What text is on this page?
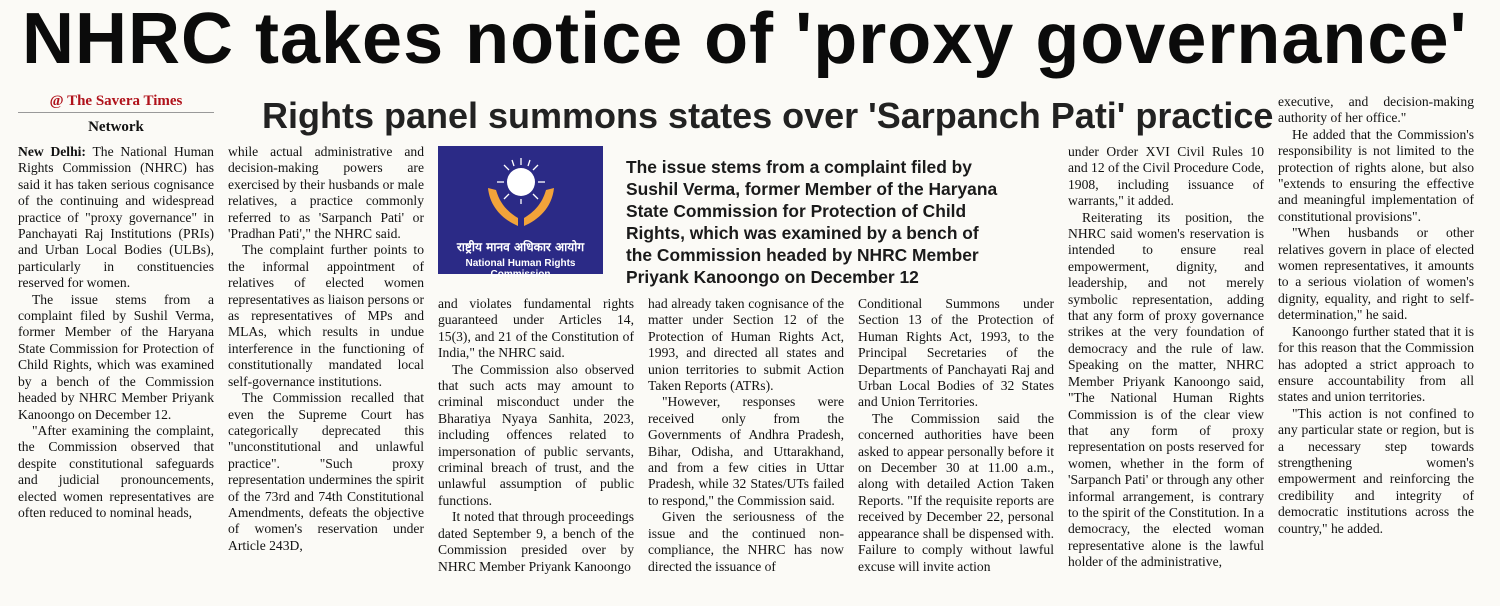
NHRC takes notice of 'proxy governance'
@ The Savera Times
Network	Rights panel summons states over 'Sarpanch Pati' practice

New Delhi: The National Human Rights Commission (NHRC) has said it has taken serious cognisance of the continuing and widespread practice of "proxy governance" in Panchayati Raj Institutions (PRIs) and Urban Local Bodies (ULBs), particularly in constituencies reserved for women.

The issue stems from a complaint filed by Sushil Verma, former Member of the Haryana State Commission for Protection of Child Rights, which was examined by a bench of the Commission headed by NHRC Member Priyank Kanoongo on December 12.

"After examining the complaint, the Commission observed that despite constitutional safeguards and judicial pronouncements, elected women representatives are often reduced to nominal heads,

while actual administrative and decision-making powers are exercised by their husbands or male relatives, a practice commonly referred to as 'Sarpanch Pati' or 'Pradhan Pati'," the NHRC said.

The complaint further points to the informal appointment of relatives of elected women representatives as liaison persons or as representatives of MPs and MLAs, which results in undue interference in the functioning of constitutionally mandated local self-governance institutions.

The Commission recalled that even the Supreme Court has categorically deprecated this "unconstitutional and unlawful practice". "Such proxy representation undermines the spirit of the 73rd and 74th Constitutional Amendments, defeats the objective of women's reservation under Article 243D,

राष्ट्रीय मानव अधिकार आयोग
National Human Rights Commission
The issue stems from a complaint filed by Sushil Verma, former Member of the Haryana State Commission for Protection of Child Rights, which was examined by a bench of the Commission headed by NHRC Member Priyank Kanoongo on December 12

and violates fundamental rights guaranteed under Articles 14, 15(3), and 21 of the Constitution of India," the NHRC said.

The Commission also observed that such acts may amount to criminal misconduct under the Bharatiya Nyaya Sanhita, 2023, including offences related to impersonation of public servants, criminal breach of trust, and the unlawful assumption of public functions.

It noted that through proceedings dated September 9, a bench of the Commission presided over by NHRC Member Priyank Kanoongo

had already taken cognisance of the matter under Section 12 of the Protection of Human Rights Act, 1993, and directed all states and union territories to submit Action Taken Reports (ATRs).

"However, responses were received only from the Governments of Andhra Pradesh, Bihar, Odisha, and Uttarakhand, and from a few cities in Uttar Pradesh, while 32 States/UTs failed to respond," the Commission said.

Given the seriousness of the issue and the continued non-compliance, the NHRC has now directed the issuance of

Conditional Summons under Section 13 of the Protection of Human Rights Act, 1993, to the Principal Secretaries of the Departments of Panchayati Raj and Urban Local Bodies of 32 States and Union Territories.

The Commission said the concerned authorities have been asked to appear personally before it on December 30 at 11.00 a.m., along with detailed Action Taken Reports. "If the requisite reports are received by December 22, personal appearance shall be dispensed with. Failure to comply without lawful excuse will invite action

under Order XVI Civil Rules 10 and 12 of the Civil Procedure Code, 1908, including issuance of warrants," it added.

Reiterating its position, the NHRC said women's reservation is intended to ensure real empowerment, dignity, and leadership, and not merely symbolic representation, adding that any form of proxy governance strikes at the very foundation of democracy and the rule of law. Speaking on the matter, NHRC Member Priyank Kanoongo said, "The National Human Rights Commission is of the clear view that any form of proxy representation on posts reserved for women, whether in the form of 'Sarpanch Pati' or through any other informal arrangement, is contrary to the spirit of the Constitution. In a democracy, the elected woman representative alone is the lawful holder of the administrative,

executive, and decision-making authority of her office."

He added that the Commission's responsibility is not limited to the protection of rights alone, but also "extends to ensuring the effective and meaningful implementation of constitutional provisions".

"When husbands or other relatives govern in place of elected women representatives, it amounts to a serious violation of women's dignity, equality, and right to self-determination," he said.

Kanoongo further stated that it is for this reason that the Commission has adopted a strict approach to ensure accountability from all states and union territories.

"This action is not confined to any particular state or region, but is a necessary step towards strengthening women's empowerment and reinforcing the credibility and integrity of democratic institutions across the country," he added.
